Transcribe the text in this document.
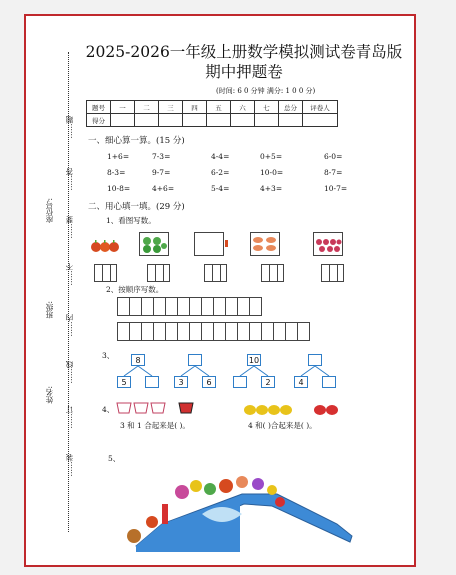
座位号:
班级:
姓名:
……题
……答
……要
……不
……内
……线
……订
……装
2025-2026一年级上册数学模拟测试卷青岛版
期中押题卷
(时间: 6 0 分钟 满分: 1 0 0 分)
题号	一	二	三	四	五	六	七	总分	评卷人
得分									
一、细心算一算。(15 分)
1+6=	7-3=	4-4=	0+5=	6-0=
8-3=	9-7=	6-2=	10-0=	8-7=
10-8=	4+6=	5-4=	4+3=	10-7=
二、用心填一填。(29 分)
1、看图写数。
2、按顺序写数。
3、
8
5	3	6
10
2	4
4、
3 和 1 合起来是( )。	4 和( )合起来是( )。
5、
